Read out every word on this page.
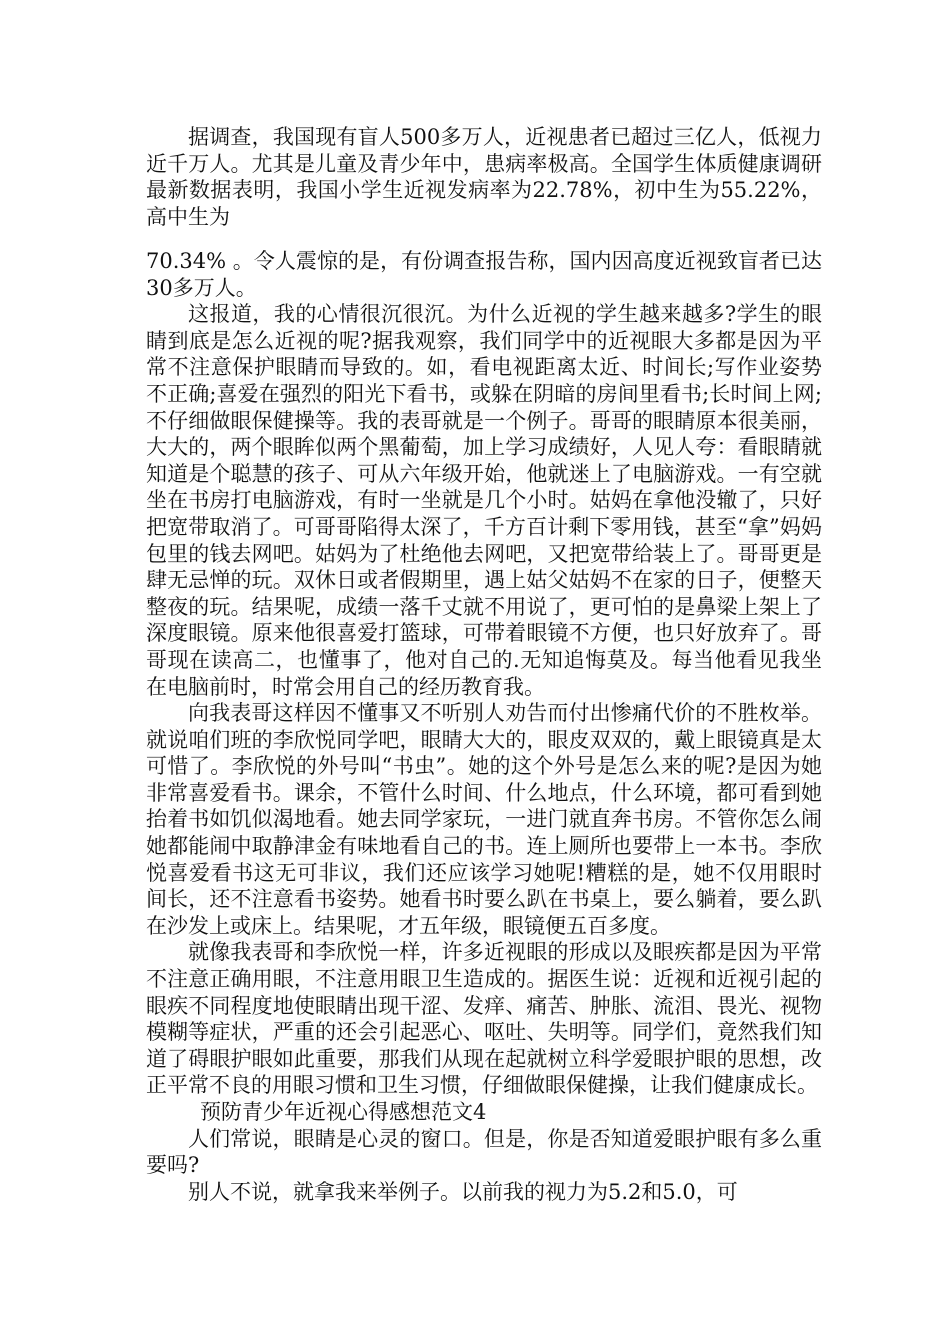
据调查，我国现有盲人500多万人，近视患者已超过三亿人，低视力近千万人。尤其是儿童及青少年中，患病率极高。全国学生体质健康调研最新数据表明，我国小学生近视发病率为22.78%，初中生为55.22%，高中生为

70.34% 。令人震惊的是，有份调查报告称，国内因高度近视致盲者已达30多万人。

这报道，我的心情很沉很沉。为什么近视的学生越来越多?学生的眼睛到底是怎么近视的呢?据我观察，我们同学中的近视眼大多都是因为平常不注意保护眼睛而导致的。如，看电视距离太近、时间长;写作业姿势不正确;喜爱在强烈的阳光下看书，或躲在阴暗的房间里看书;长时间上网;不仔细做眼保健操等。我的表哥就是一个例子。哥哥的眼睛原本很美丽，大大的，两个眼眸似两个黑葡萄，加上学习成绩好，人见人夸：看眼睛就知道是个聪慧的孩子、可从六年级开始，他就迷上了电脑游戏。一有空就坐在书房打电脑游戏，有时一坐就是几个小时。姑妈在拿他没辙了，只好把宽带取消了。可哥哥陷得太深了，千方百计剩下零用钱，甚至“拿”妈妈包里的钱去网吧。姑妈为了杜绝他去网吧，又把宽带给装上了。哥哥更是肆无忌惮的玩。双休日或者假期里，遇上姑父姑妈不在家的日子，便整天整夜的玩。结果呢，成绩一落千丈就不用说了，更可怕的是鼻梁上架上了深度眼镜。原来他很喜爱打篮球，可带着眼镜不方便，也只好放弃了。哥哥现在读高二，也懂事了，他对自己的.无知追悔莫及。每当他看见我坐在电脑前时，时常会用自己的经历教育我。

向我表哥这样因不懂事又不听别人劝告而付出惨痛代价的不胜枚举。就说咱们班的李欣悦同学吧，眼睛大大的，眼皮双双的，戴上眼镜真是太可惜了。李欣悦的外号叫“书虫”。她的这个外号是怎么来的呢?是因为她非常喜爱看书。课余，不管什么时间、什么地点，什么环境，都可看到她抬着书如饥似渴地看。她去同学家玩，一进门就直奔书房。不管你怎么闹她都能闹中取静津金有味地看自己的书。连上厕所也要带上一本书。李欣悦喜爱看书这无可非议，我们还应该学习她呢!糟糕的是，她不仅用眼时间长，还不注意看书姿势。她看书时要么趴在书桌上，要么躺着，要么趴在沙发上或床上。结果呢，才五年级，眼镜便五百多度。

就像我表哥和李欣悦一样，许多近视眼的形成以及眼疾都是因为平常不注意正确用眼，不注意用眼卫生造成的。据医生说：近视和近视引起的眼疾不同程度地使眼睛出现干涩、发痒、痛苦、肿胀、流泪、畏光、视物模糊等症状，严重的还会引起恶心、呕吐、失明等。同学们，竟然我们知道了碍眼护眼如此重要，那我们从现在起就树立科学爱眼护眼的思想，改正平常不良的用眼习惯和卫生习惯，仔细做眼保健操，让我们健康成长。

预防青少年近视心得感想范文4

人们常说，眼睛是心灵的窗口。但是，你是否知道爱眼护眼有多么重要吗?

别人不说，就拿我来举例子。以前我的视力为5.2和5.0，可
